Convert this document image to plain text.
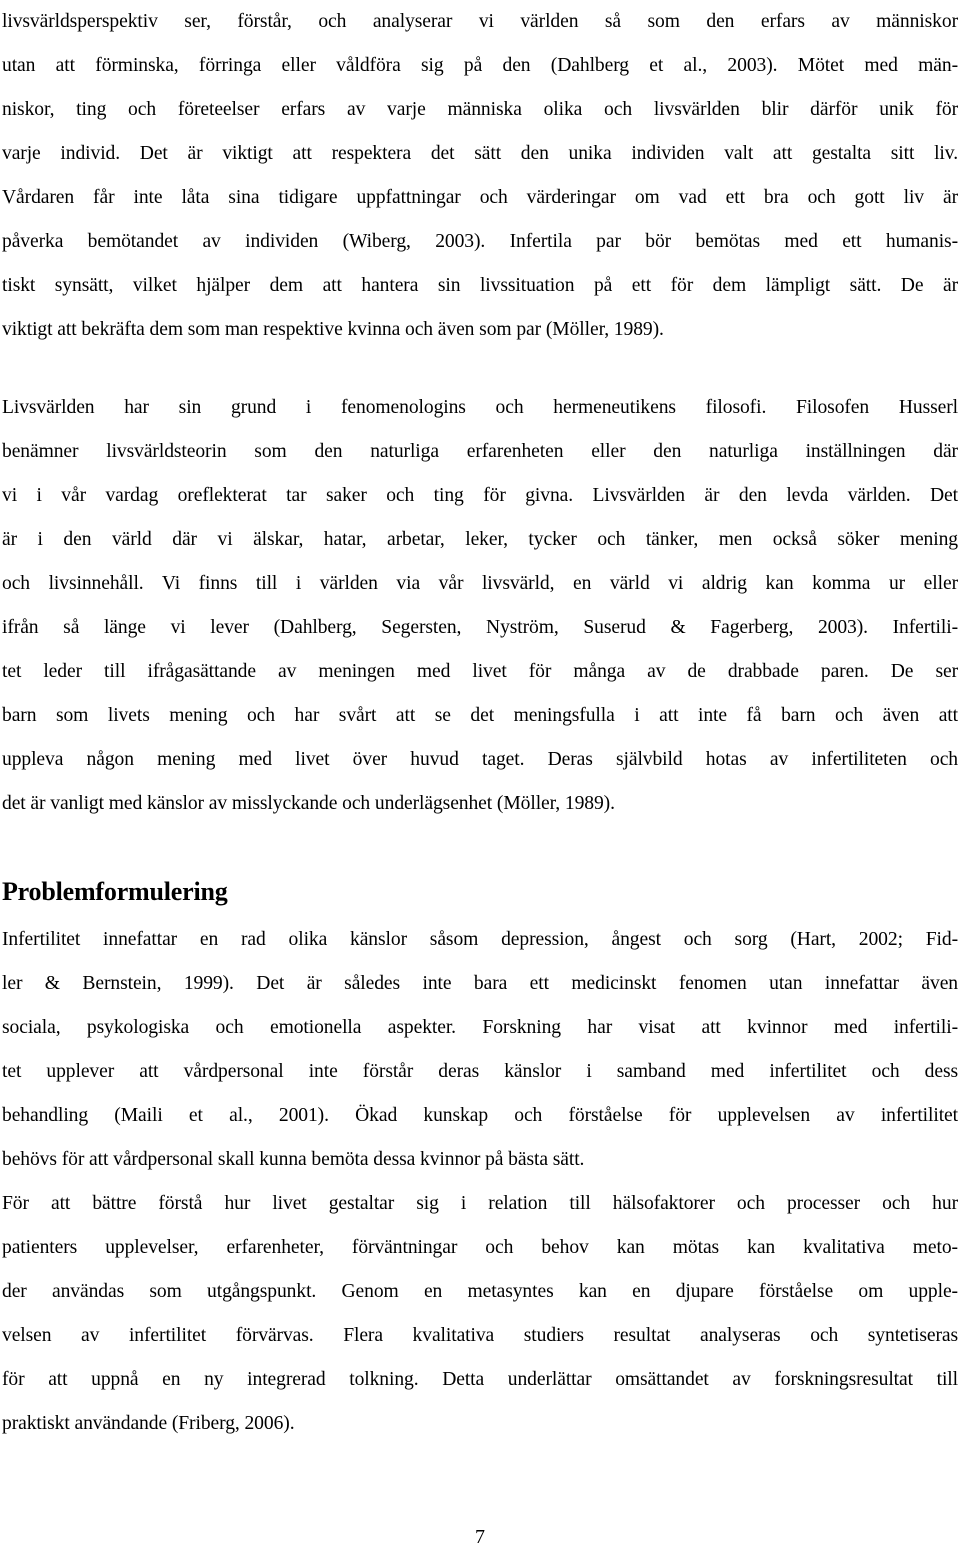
livsvärldsperspektiv ser, förstår, och analyserar vi världen så som den erfars av människor
utan att förminska, förringa eller våldföra sig på den (Dahlberg et al., 2003). Mötet med män-
niskor, ting och företeelser erfars av varje människa olika och livsvärlden blir därför unik för
varje individ. Det är viktigt att respektera det sätt den unika individen valt att gestalta sitt liv.
Vårdaren får inte låta sina tidigare uppfattningar och värderingar om vad ett bra och gott liv är
påverka bemötandet av individen (Wiberg, 2003). Infertila par bör bemötas med ett humanis-
tiskt synsätt, vilket hjälper dem att hantera sin livssituation på ett för dem lämpligt sätt. De är
viktigt att bekräfta dem som man respektive kvinna och även som par (Möller, 1989).

Livsvärlden har sin grund i fenomenologins och hermeneutikens filosofi. Filosofen Husserl
benämner livsvärldsteorin som den naturliga erfarenheten eller den naturliga inställningen där
vi i vår vardag oreflekterat tar saker och ting för givna. Livsvärlden är den levda världen. Det
är i den värld där vi älskar, hatar, arbetar, leker, tycker och tänker, men också söker mening
och livsinnehåll. Vi finns till i världen via vår livsvärld, en värld vi aldrig kan komma ur eller
ifrån så länge vi lever (Dahlberg, Segersten, Nyström, Suserud & Fagerberg, 2003). Infertili-
tet leder till ifrågasättande av meningen med livet för många av de drabbade paren. De ser
barn som livets mening och har svårt att se det meningsfulla i att inte få barn och även att
uppleva någon mening med livet över huvud taget. Deras självbild hotas av infertiliteten och
det är vanligt med känslor av misslyckande och underlägsenhet (Möller, 1989).

Problemformulering

Infertilitet innefattar en rad olika känslor såsom depression, ångest och sorg (Hart, 2002; Fid-
ler & Bernstein, 1999). Det är således inte bara ett medicinskt fenomen utan innefattar även
sociala, psykologiska och emotionella aspekter. Forskning har visat att kvinnor med infertili-
tet upplever att vårdpersonal inte förstår deras känslor i samband med infertilitet och dess
behandling (Maili et al., 2001). Ökad kunskap och förståelse för upplevelsen av infertilitet
behövs för att vårdpersonal skall kunna bemöta dessa kvinnor på bästa sätt.

För att bättre förstå hur livet gestaltar sig i relation till hälsofaktorer och processer och hur
patienters upplevelser, erfarenheter, förväntningar och behov kan mötas kan kvalitativa meto-
der användas som utgångspunkt. Genom en metasyntes kan en djupare förståelse om upple-
velsen av infertilitet förvärvas. Flera kvalitativa studiers resultat analyseras och syntetiseras
för att uppnå en ny integrerad tolkning. Detta underlättar omsättandet av forskningsresultat till
praktiskt användande (Friberg, 2006).

7
